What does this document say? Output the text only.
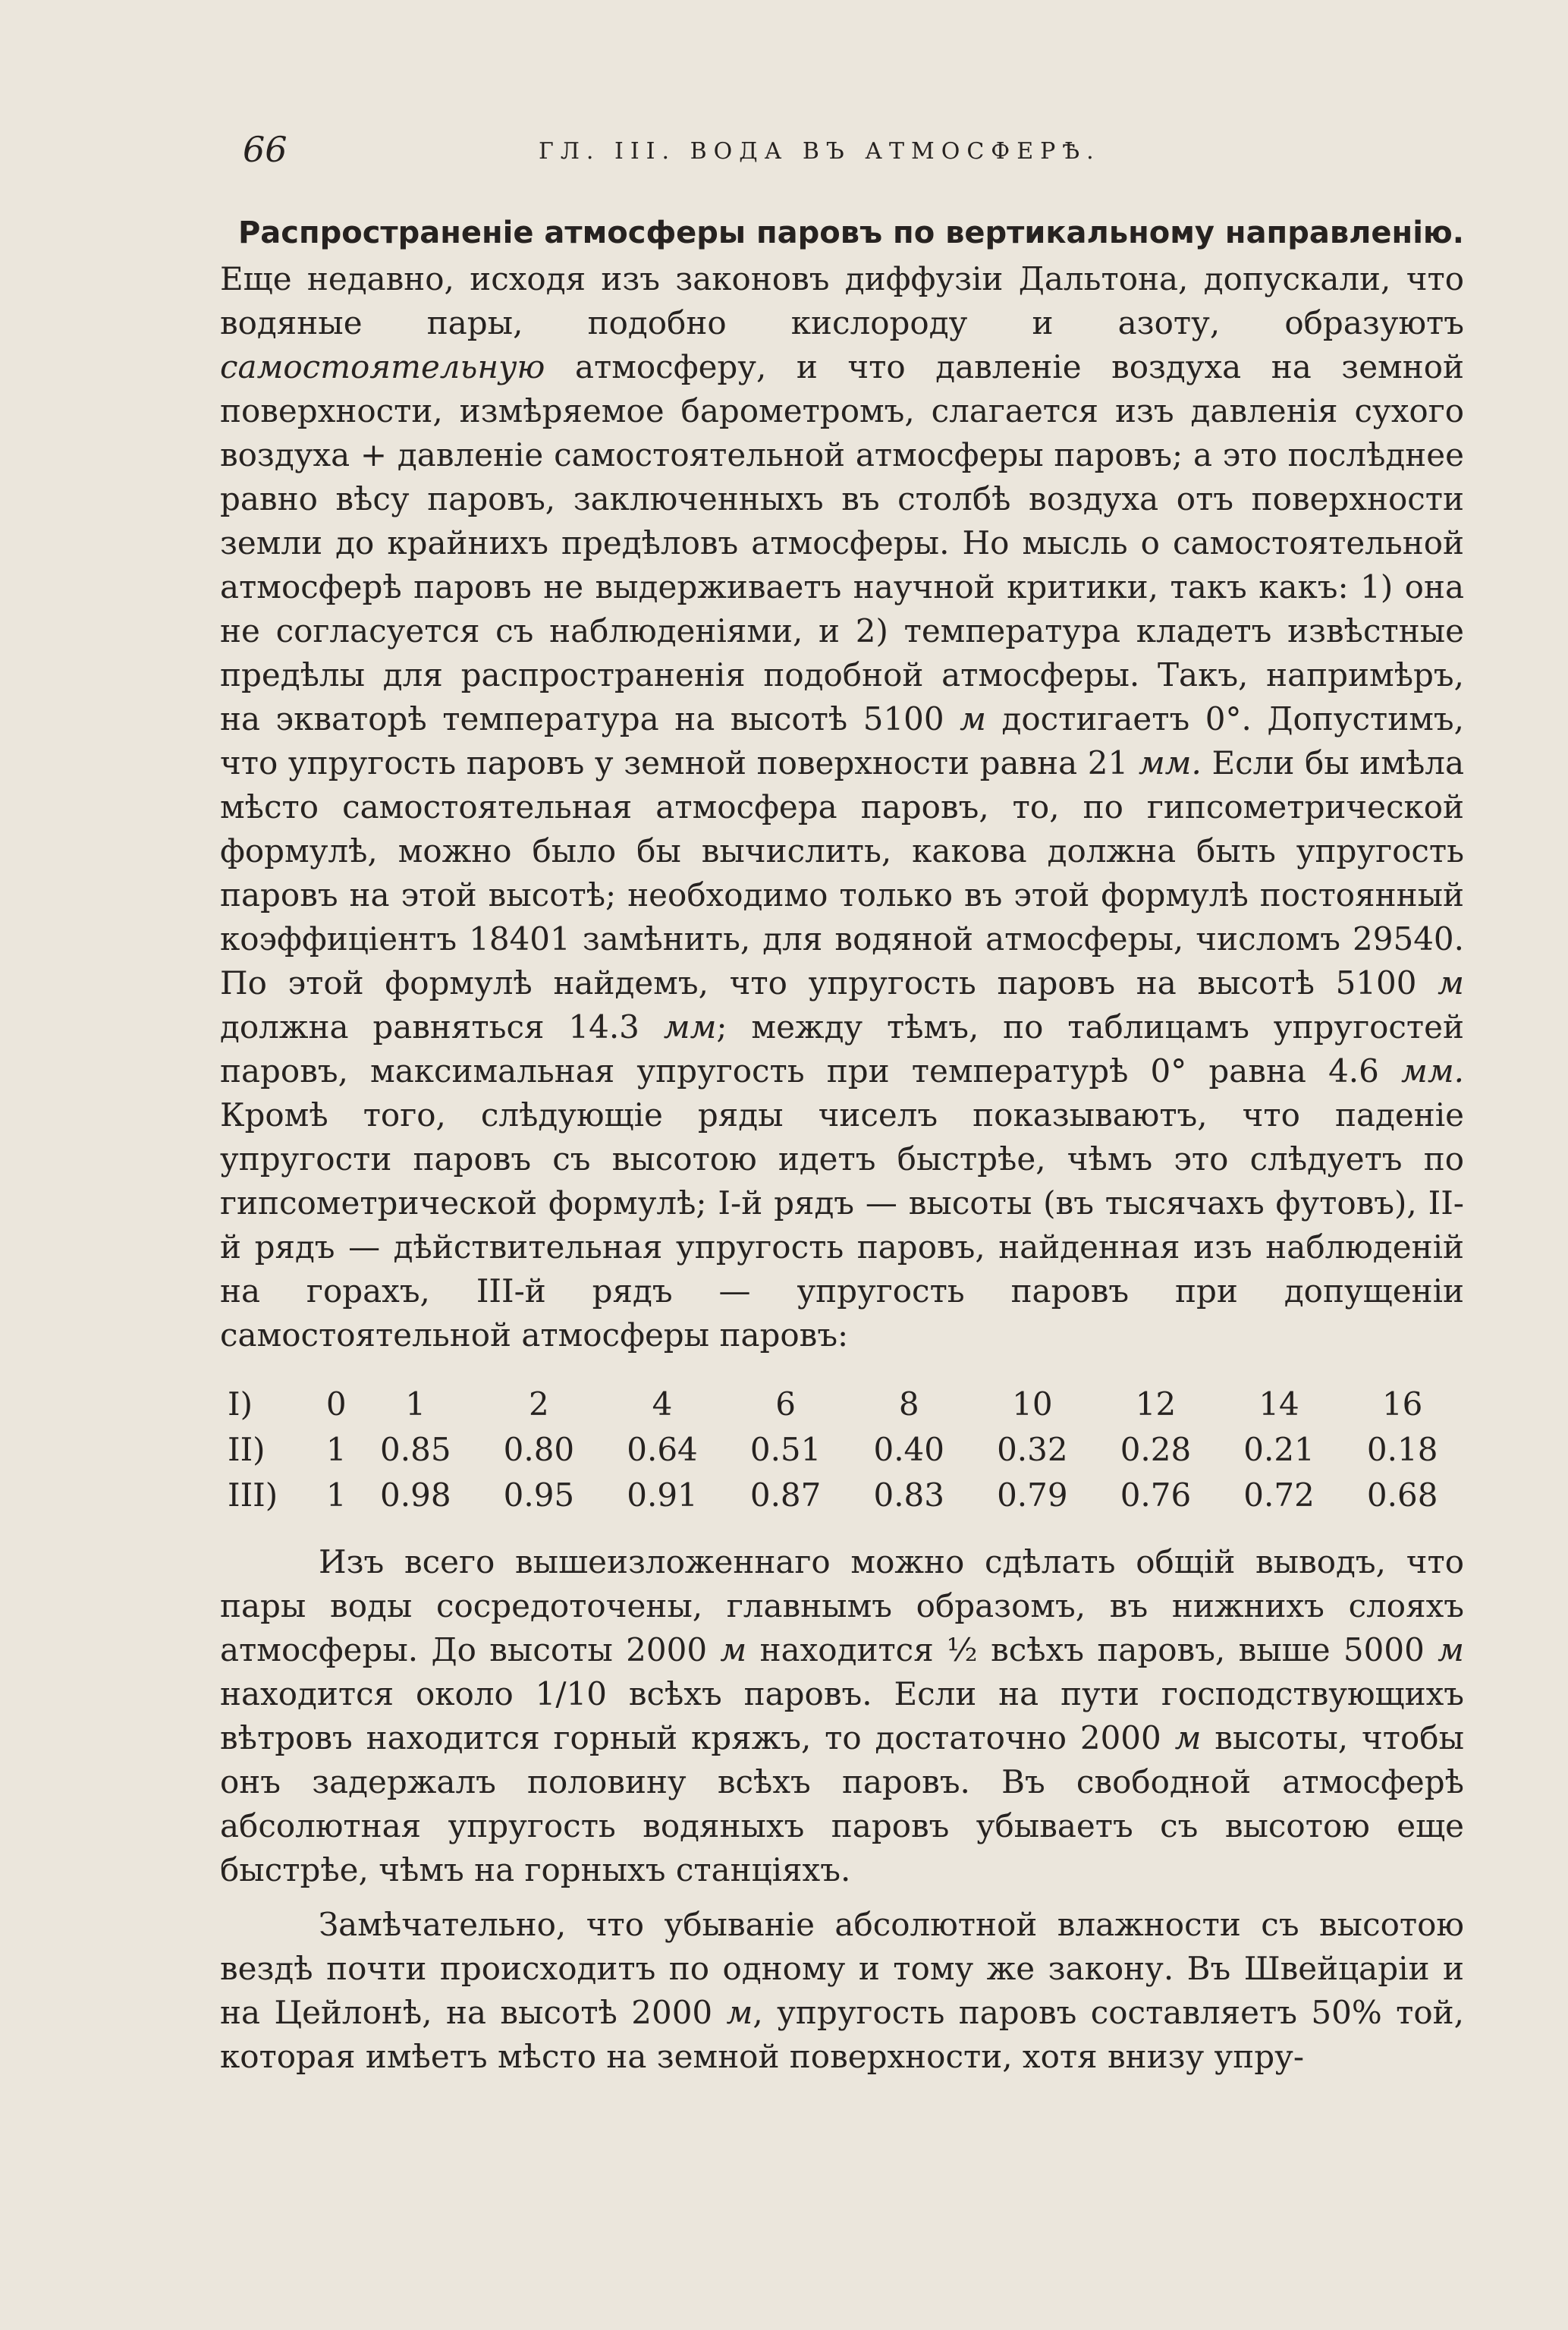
66	ГЛ. III. ВОДА ВЪ АТМОСФЕРѢ.
Распространеніе атмосферы паровъ по вертикальному направленію.

Еще недавно, исходя изъ законовъ диффузіи Дальтона, допускали, что водяные пары, подобно кислороду и азоту, образуютъ самостоятельную атмосферу, и что давленіе воздуха на земной поверхности, измѣряемое барометромъ, слагается изъ давленія сухого воздуха + давленіе самостоятельной атмосферы паровъ; а это послѣднее равно вѣсу паровъ, заключенныхъ въ столбѣ воздуха отъ поверхности земли до крайнихъ предѣловъ атмосферы. Но мысль о самостоятельной атмосферѣ паровъ не выдерживаетъ научной критики, такъ какъ: 1) она не согласуется съ наблюденіями, и 2) температура кладетъ извѣстные предѣлы для распространенія подобной атмосферы. Такъ, напримѣръ, на экваторѣ температура на высотѣ 5100 м достигаетъ 0°. Допустимъ, что упругость паровъ у земной поверхности равна 21 мм. Если бы имѣла мѣсто самостоятельная атмосфера паровъ, то, по гипсометрической формулѣ, можно было бы вычислить, какова должна быть упругость паровъ на этой высотѣ; необходимо только въ этой формулѣ постоянный коэффиціентъ 18401 замѣнить, для водяной атмосферы, числомъ 29540. По этой формулѣ найдемъ, что упругость паровъ на высотѣ 5100 м должна равняться 14.3 мм; между тѣмъ, по таблицамъ упругостей паровъ, максимальная упругость при температурѣ 0° равна 4.6 мм. Кромѣ того, слѣдующіе ряды чиселъ показываютъ, что паденіе упругости паровъ съ высотою идетъ быстрѣе, чѣмъ это слѣдуетъ по гипсометрической формулѣ; I-й рядъ — высоты (въ тысячахъ футовъ), II-й рядъ — дѣйствительная упругость паровъ, найденная изъ наблюденій на горахъ, III-й рядъ — упругость паровъ при допущеніи самостоятельной атмосферы паровъ:

I)	0	1	2	4	6	8	10	12	14	16
II)	1	0.85	0.80	0.64	0.51	0.40	0.32	0.28	0.21	0.18
III)	1	0.98	0.95	0.91	0.87	0.83	0.79	0.76	0.72	0.68

Изъ всего вышеизложеннаго можно сдѣлать общій выводъ, что пары воды сосредоточены, главнымъ образомъ, въ нижнихъ слояхъ атмосферы. До высоты 2000 м находится ½ всѣхъ паровъ, выше 5000 м находится около 1/10 всѣхъ паровъ. Если на пути господствующихъ вѣтровъ находится горный кряжъ, то достаточно 2000 м высоты, чтобы онъ задержалъ половину всѣхъ паровъ. Въ свободной атмосферѣ абсолютная упругость водяныхъ паровъ убываетъ съ высотою еще быстрѣе, чѣмъ на горныхъ станціяхъ.

Замѣчательно, что убываніе абсолютной влажности съ высотою вездѣ почти происходитъ по одному и тому же закону. Въ Швейцаріи и на Цейлонѣ, на высотѣ 2000 м, упругость паровъ составляетъ 50% той, которая имѣетъ мѣсто на земной поверхности, хотя внизу упру-
